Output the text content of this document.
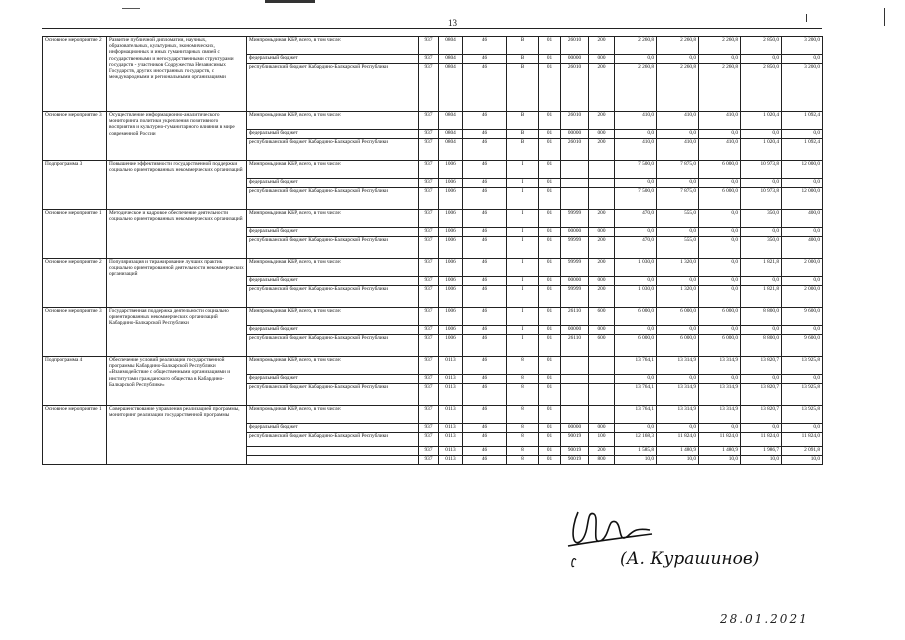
13
Основное мероприятие 2	Развитие публичной дипломатии, научных, образовательных, культурных, экономических, информационных и иных гуманитарных связей с государственными и негосударственными структурами государств - участников Содружества Независимых Государств, других иностранных государств, с международными и региональными организациями	Минпромьдиная КБР, всего, в том числе:	937	0804	46	В	01	26010	200	2 260,8	2 260,8	2 260,8	2 850,0	3 200,0
		федеральный бюджет	937	0804	46	В	01	00000	000	0,0	0,0	0,0	0,0	0,0
		республиканский бюджет Кабардино-Балкарской Республики	937	0804	46	В	01	26010	200	2 260,8	2 260,8	2 260,8	2 850,0	3 200,0
Основное мероприятие 3	Осуществление информационно-аналитического мониторинга политики укрепления позитивного восприятия и культурно-гуманитарного влияния в мире современной России	Минпромьдиная КБР, всего, в том числе:	937	0804	46	В	01	26010	200	410,0	410,0	410,0	1 020,4	1 092,4
		федеральный бюджет	937	0804	46	В	01	00000	000	0,0	0,0	0,0	0,0	0,0
		республиканский бюджет Кабардино-Балкарской Республики	937	0804	46	В	01	26010	200	410,0	410,0	410,0	1 020,4	1 092,4
Подпрограмма 3	Повышение эффективности государственной поддержки социально ориентированных некоммерческих организаций	Минпромьдиная КБР, всего, в том числе:	937	1006	46	I	01			7 500,0	7 875,0	6 000,0	10 973,8	12 000,0
		федеральный бюджет	937	1006	46	I	01			0,0	0,0	0,0	0,0	0,0
		республиканский бюджет Кабардино-Балкарской Республики	937	1006	46	I	01			7 500,0	7 875,0	6 000,0	10 973,8	12 000,0
Основное мероприятие 1	Методическое и кадровое обеспечение деятельности социально ориентированных некоммерческих организаций	Минпромьдиная КБР, всего, в том числе:	937	1006	46	I	01	99999	200	470,0	555,0	0,0	350,0	400,0
		федеральный бюджет	937	1006	46	I	01	00000	000	0,0	0,0	0,0	0,0	0,0
		республиканский бюджет Кабардино-Балкарской Республики	937	1006	46	I	01	99999	200	470,0	555,0	0,0	350,0	400,0
Основное мероприятие 2	Популяризация и тиражирование лучших практик социально ориентированной деятельности некоммерческих организаций	Минпромьдиная КБР, всего, в том числе:	937	1006	46	I	01	99999	200	1 030,0	1 320,0	0,0	1 821,8	2 000,0
		федеральный бюджет	937	1006	46	I	01	00000	000	0,0	0,0	0,0	0,0	0,0
		республиканский бюджет Кабардино-Балкарской Республики	937	1006	46	I	01	99999	200	1 030,0	1 320,0	0,0	1 821,8	2 000,0
Основное мероприятие 3	Государственная поддержка деятельности социально ориентированных некоммерческих организаций Кабардино-Балкарской Республики	Минпромьдиная КБР, всего, в том числе:	937	1006	46	I	01	26110	600	6 000,0	6 000,0	6 000,0	8 800,0	9 600,0
		федеральный бюджет	937	1006	46	I	01	00000	000	0,0	0,0	0,0	0,0	0,0
		республиканский бюджет Кабардино-Балкарской Республики	937	1006	46	I	01	26110	600	6 000,0	6 000,0	6 000,0	8 800,0	9 600,0
Подпрограмма 4	Обеспечение условий реализации государственной программы Кабардино-Балкарской Республики «Взаимодействие с общественными организациями и институтами гражданского общества в Кабардино-Балкарской Республике»	Минпромьдиная КБР, всего, в том числе:	937	0113	46	8	01			13 764,1	13 314,9	13 314,9	13 820,7	13 925,8
		федеральный бюджет	937	0113	46	8	01			0,0	0,0	0,0	0,0	0,0
		республиканский бюджет Кабардино-Балкарской Республики	937	0113	46	8	01			13 764,1	13 314,9	13 314,9	13 820,7	13 925,8
Основное мероприятие 1	Совершенствование управления реализацией программы, мониторинг реализации государственной программы	Минпромьдиная КБР, всего, в том числе:	937	0113	46	8	01			13 764,1	13 314,9	13 314,9	13 820,7	13 925,8
		федеральный бюджет	937	0113	46	8	01	00000	000	0,0	0,0	0,0	0,0	0,0
		республиканский бюджет Кабардино-Балкарской Республики	937	0113	46	8	01	90019	100	12 168,3	11 824,0	11 824,0	11 824,0	11 824,0
			937	0113	46	8	01	90019	200	1 585,8	1 480,9	1 480,9	1 986,7	2 091,8
			937	0113	46	8	01	90019	800	10,0	10,0	10,0	10,0	10,0
(А. Курашинов)
28.01.2021
